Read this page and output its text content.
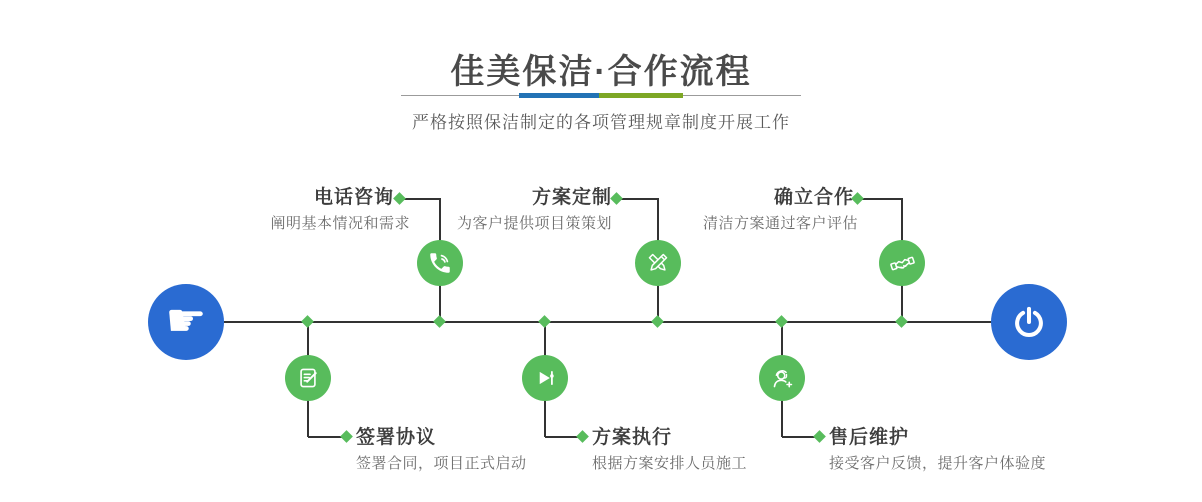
佳美保洁·合作流程

严格按照保洁制定的各项管理规章制度开展工作

☛
电话咨询
阐明基本情况和需求
方案定制
为客户提供项目策策划
确立合作
清洁方案通过客户评估
签署协议
签署合同，项目正式启动
方案执行
根据方案安排人员施工
售后维护
接受客户反馈，提升客户体验度
